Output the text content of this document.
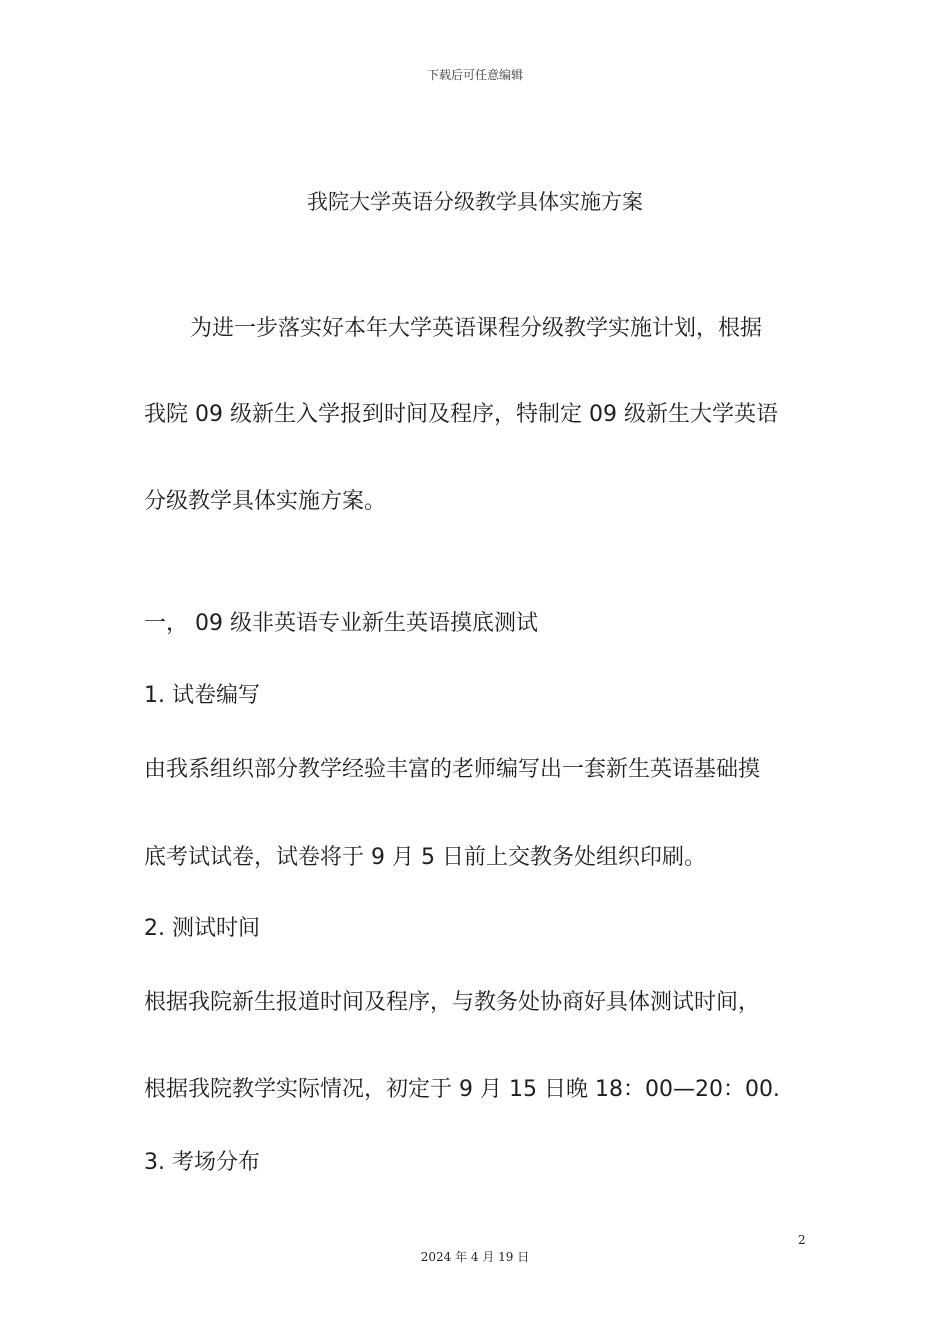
下载后可任意编辑
我院大学英语分级教学具体实施方案
为进一步落实好本年大学英语课程分级教学实施计划，根据
我院 09 级新生入学报到时间及程序，特制定 09 级新生大学英语
分级教学具体实施方案。
一， 09 级非英语专业新生英语摸底测试
1. 试卷编写
由我系组织部分教学经验丰富的老师编写出一套新生英语基础摸
底考试试卷，试卷将于 9 月 5 日前上交教务处组织印刷。
2. 测试时间
根据我院新生报道时间及程序，与教务处协商好具体测试时间，
根据我院教学实际情况，初定于 9 月 15 日晚 18：00—20：00.
3. 考场分布
2
2024 年 4 月 19 日
